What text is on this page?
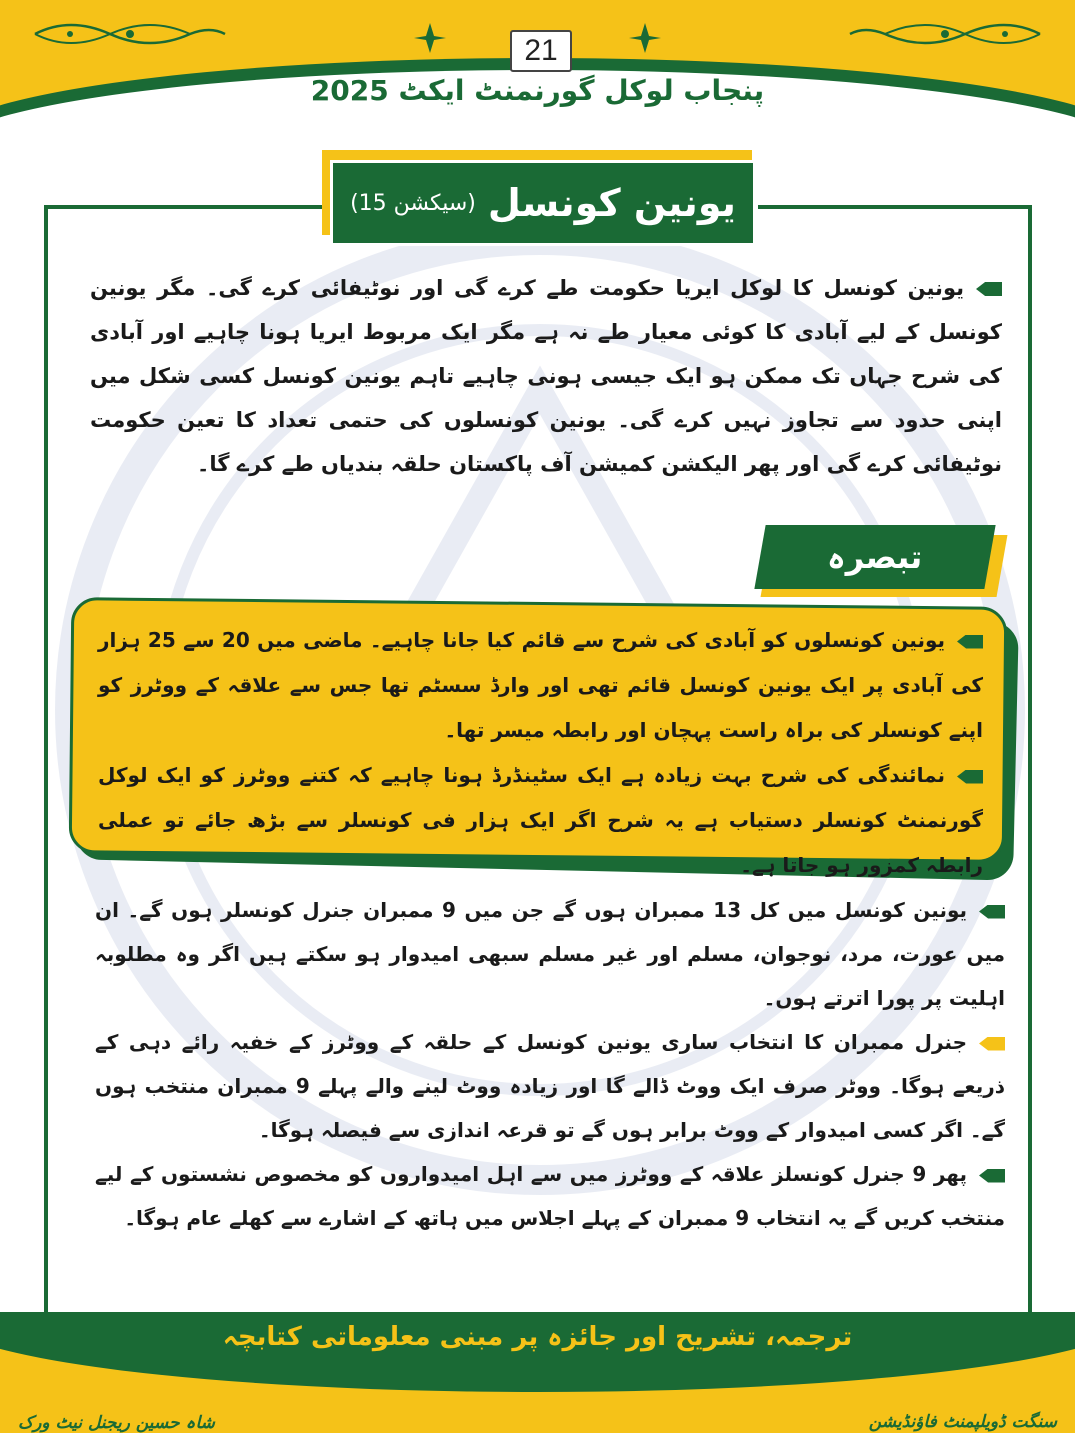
21
پنجاب لوکل گورنمنٹ ایکٹ 2025
یونین کونسل
(سیکشن 15)
یونین کونسل کا لوکل ایریا حکومت طے کرے گی اور نوٹیفائی کرے گی۔ مگر یونین کونسل کے لیے آبادی کا کوئی معیار طے نہ ہے مگر ایک مربوط ایریا ہونا چاہیے اور آبادی کی شرح جہاں تک ممکن ہو ایک جیسی ہونی چاہیے تاہم یونین کونسل کسی شکل میں اپنی حدود سے تجاوز نہیں کرے گی۔ یونین کونسلوں کی حتمی تعداد کا تعین حکومت نوٹیفائی کرے گی اور پھر الیکشن کمیشن آف پاکستان حلقہ بندیاں طے کرے گا۔
تبصرہ
یونین کونسلوں کو آبادی کی شرح سے قائم کیا جانا چاہیے۔ ماضی میں 20 سے 25 ہزار کی آبادی پر ایک یونین کونسل قائم تھی اور وارڈ سسٹم تھا جس سے علاقہ کے ووٹرز کو اپنے کونسلر کی براہ راست پہچان اور رابطہ میسر تھا۔
نمائندگی کی شرح بہت زیادہ ہے ایک سٹینڈرڈ ہونا چاہیے کہ کتنے ووٹرز کو ایک لوکل گورنمنٹ کونسلر دستیاب ہے یہ شرح اگر ایک ہزار فی کونسلر سے بڑھ جائے تو عملی رابطہ کمزور ہو جاتا ہے۔
یونین کونسل میں کل 13 ممبران ہوں گے جن میں 9 ممبران جنرل کونسلر ہوں گے۔ ان میں عورت، مرد، نوجوان، مسلم اور غیر مسلم سبھی امیدوار ہو سکتے ہیں اگر وہ مطلوبہ اہلیت پر پورا اترتے ہوں۔
جنرل ممبران کا انتخاب ساری یونین کونسل کے حلقہ کے ووٹرز کے خفیہ رائے دہی کے ذریعے ہوگا۔ ووٹر صرف ایک ووٹ ڈالے گا اور زیادہ ووٹ لینے والے پہلے 9 ممبران منتخب ہوں گے۔ اگر کسی امیدوار کے ووٹ برابر ہوں گے تو قرعہ اندازی سے فیصلہ ہوگا۔
پھر 9 جنرل کونسلز علاقہ کے ووٹرز میں سے اہل امیدواروں کو مخصوص نشستوں کے لیے منتخب کریں گے یہ انتخاب 9 ممبران کے پہلے اجلاس میں ہاتھ کے اشارے سے کھلے عام ہوگا۔
ترجمہ، تشریح اور جائزہ پر مبنی معلوماتی کتابچہ
شاہ حسین ریجنل نیٹ ورک	سنگت ڈویلپمنٹ فاؤنڈیشن
